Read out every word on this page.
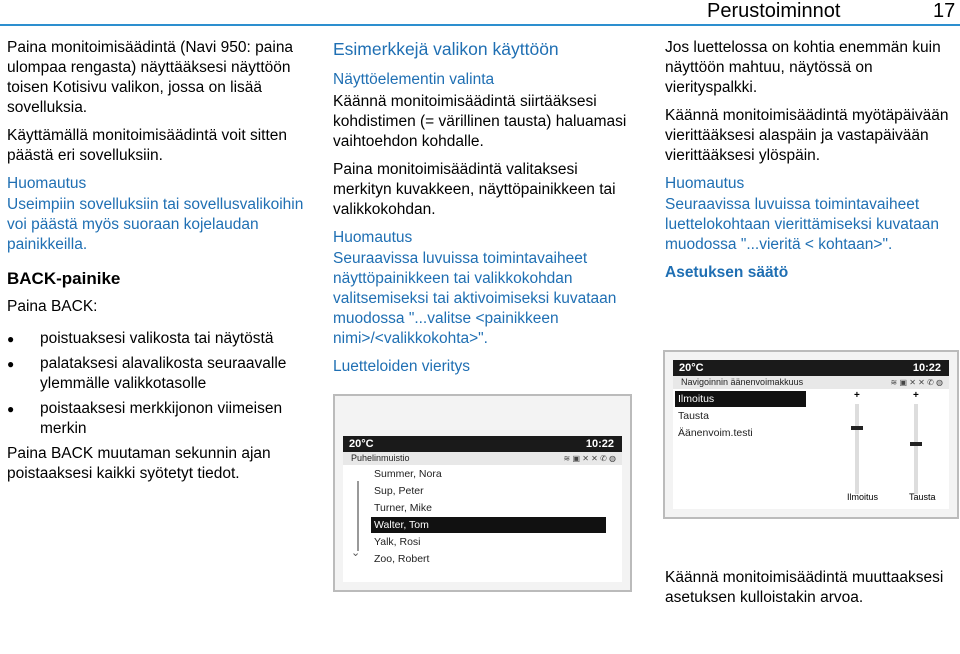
Perustoiminnot	17

Paina monitoimisäädintä (Navi 950: paina ulompaa rengasta) näyttääksesi näyttöön toisen Kotisivu valikon, jossa on lisää sovelluksia.

Käyttämällä monitoimisäädintä voit sitten päästä eri sovelluksiin.

Huomautus

Useimpiin sovelluksiin tai sovellusvalikoihin voi päästä myös suoraan kojelaudan painikkeilla.

BACK-painike

Paina BACK:

● poistuaksesi valikosta tai näytöstä
● palataksesi alavalikosta seuraavalle ylemmälle valikkotasolle
● poistaaksesi merkkijonon viimeisen merkin

Paina BACK muutaman sekunnin ajan poistaaksesi kaikki syötetyt tiedot.

Esimerkkejä valikon käyttöön

Näyttöelementin valinta

Käännä monitoimisäädintä siirtääksesi kohdistimen (= värillinen tausta) haluamasi vaihtoehdon kohdalle.

Paina monitoimisäädintä valitaksesi merkityn kuvakkeen, näyttöpainikkeen tai valikkokohdan.

Huomautus

Seuraavissa luvuissa toimintavaiheet näyttöpainikkeen tai valikkokohdan valitsemiseksi tai aktivoimiseksi kuvataan muodossa "...valitse <painikkeen nimi>/<valikkokohta>".

Luetteloiden vieritys

20°C	10:22
Puhelinmuistio	≋ ▣ ✕ ✕ ✆ ◍
⌄
Summer, Nora
Sup, Peter
Turner, Mike
Walter, Tom
Yalk, Rosi
Zoo, Robert

Jos luettelossa on kohtia enemmän kuin näyttöön mahtuu, näytössä on vierityspalkki.

Käännä monitoimisäädintä myötäpäivään vierittääksesi alaspäin ja vastapäivään vierittääksesi ylöspäin.

Huomautus

Seuraavissa luvuissa toimintavaiheet luettelokohtaan vierittämiseksi kuvataan muodossa "...vieritä < kohtaan>".

Asetuksen säätö

20°C	10:22
Navigoinnin äänenvoimakkuus	≋ ▣ ✕ ✕ ✆ ◍
Ilmoitus
Tausta
Äänenvoim.testi
+	+
Ilmoitus	Tausta

Käännä monitoimisäädintä muuttaaksesi asetuksen kulloistakin arvoa.
